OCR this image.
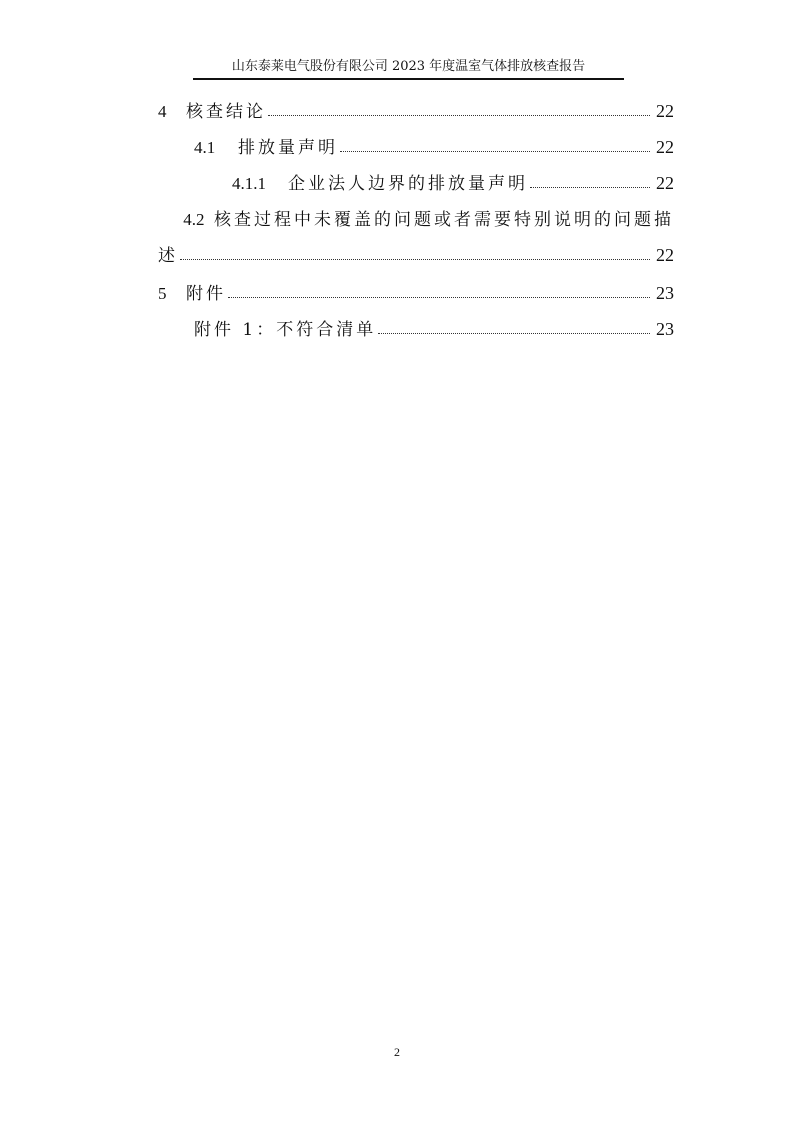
山东泰莱电气股份有限公司 2023 年度温室气体排放核查报告
4	核查结论	22
4.1	排放量声明	22
4.1.1	企业法人边界的排放量声明	22
4.2 核查过程中未覆盖的问题或者需要特别说明的问题描
述	22
5	附件	23
附件 1：不符合清单	23
2
